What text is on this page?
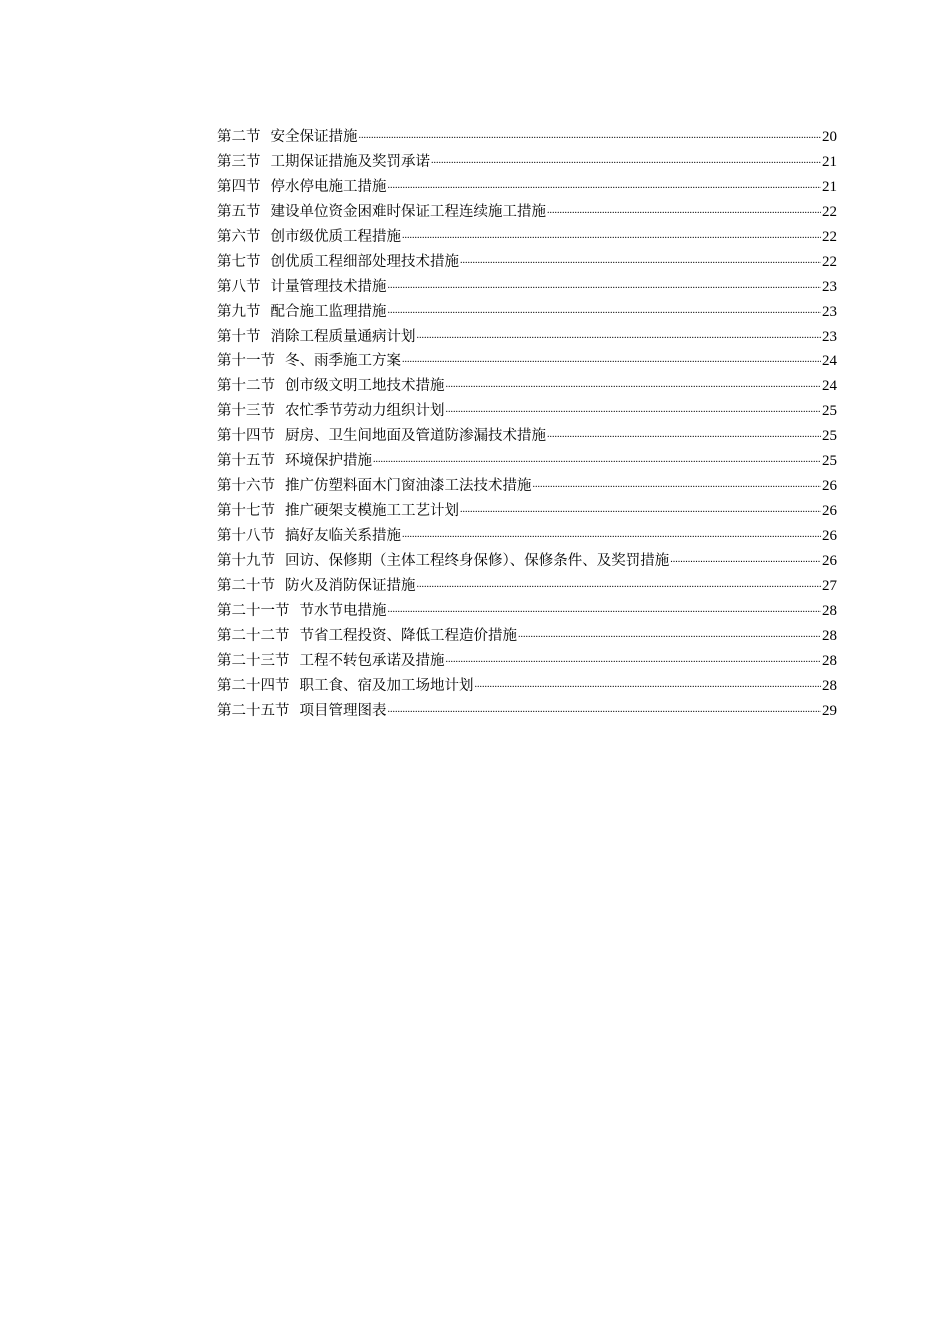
第二节 安全保证措施 .....	20
第三节 工期保证措施及奖罚承诺 .....	21
第四节 停水停电施工措施 .....	21
第五节 建设单位资金困难时保证工程连续施工措施 .....	22
第六节 创市级优质工程措施 .....	22
第七节 创优质工程细部处理技术措施 .....	22
第八节 计量管理技术措施 .....	23
第九节 配合施工监理措施 .....	23
第十节 消除工程质量通病计划 .....	23
第十一节 冬、雨季施工方案 .....	24
第十二节 创市级文明工地技术措施 .....	24
第十三节 农忙季节劳动力组织计划 .....	25
第十四节 厨房、卫生间地面及管道防渗漏技术措施 .....	25
第十五节 环境保护措施 .....	25
第十六节 推广仿塑料面木门窗油漆工法技术措施 .....	26
第十七节 推广硬架支模施工工艺计划 .....	26
第十八节 搞好友临关系措施 .....	26
第十九节 回访、保修期（主体工程终身保修）、保修条件、及奖罚措施 .....	26
第二十节 防火及消防保证措施 .....	27
第二十一节 节水节电措施 .....	28
第二十二节 节省工程投资、降低工程造价措施 .....	28
第二十三节 工程不转包承诺及措施 .....	28
第二十四节 职工食、宿及加工场地计划 .....	28
第二十五节 项目管理图表 .....	29
